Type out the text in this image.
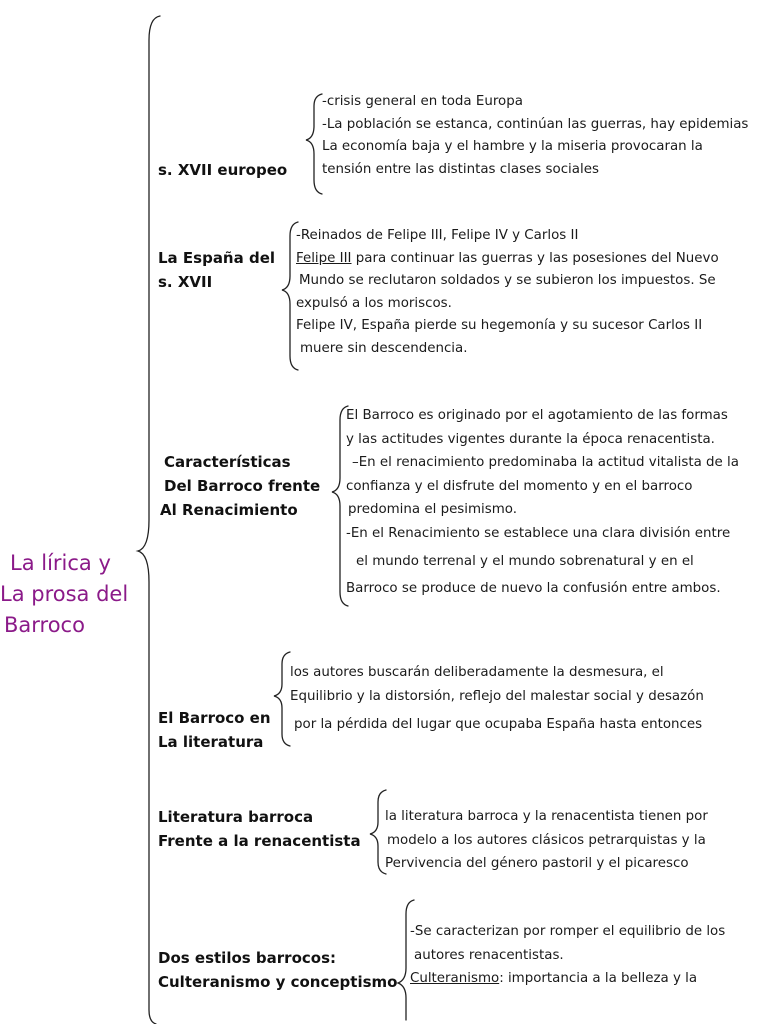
La lírica y
La prosa del
Barroco
s. XVII europeo
-crisis general en toda Europa
-La población se estanca, continúan las guerras, hay epidemias
La economía baja y el hambre y la miseria provocaran la
tensión entre las distintas clases sociales
La España del
s. XVII
-Reinados de Felipe III, Felipe IV y Carlos II
Felipe III para continuar las guerras y las posesiones del Nuevo
Mundo se reclutaron soldados y se subieron los impuestos. Se
expulsó a los moriscos.
Felipe IV, España pierde su hegemonía y su sucesor Carlos II
muere sin descendencia.
Características
Del Barroco frente
Al Renacimiento
El Barroco es originado por el agotamiento de las formas
y las actitudes vigentes durante la época renacentista.
–En el renacimiento predominaba la actitud vitalista de la
confianza y el disfrute del momento y en el barroco
predomina el pesimismo.
-En el Renacimiento se establece una clara división entre
el mundo terrenal y el mundo sobrenatural y en el
Barroco se produce de nuevo la confusión entre ambos.
El Barroco en
La literatura
los autores buscarán deliberadamente la desmesura, el
Equilibrio y la distorsión, reflejo del malestar social y desazón
por la pérdida del lugar que ocupaba España hasta entonces
Literatura barroca
Frente a la renacentista
la literatura barroca y la renacentista tienen por
modelo a los autores clásicos petrarquistas y la
Pervivencia del género pastoril y el picaresco
Dos estilos barrocos:
Culteranismo y conceptismo
-Se caracterizan por romper el equilibrio de los
autores renacentistas.
Culteranismo: importancia a la belleza y la
